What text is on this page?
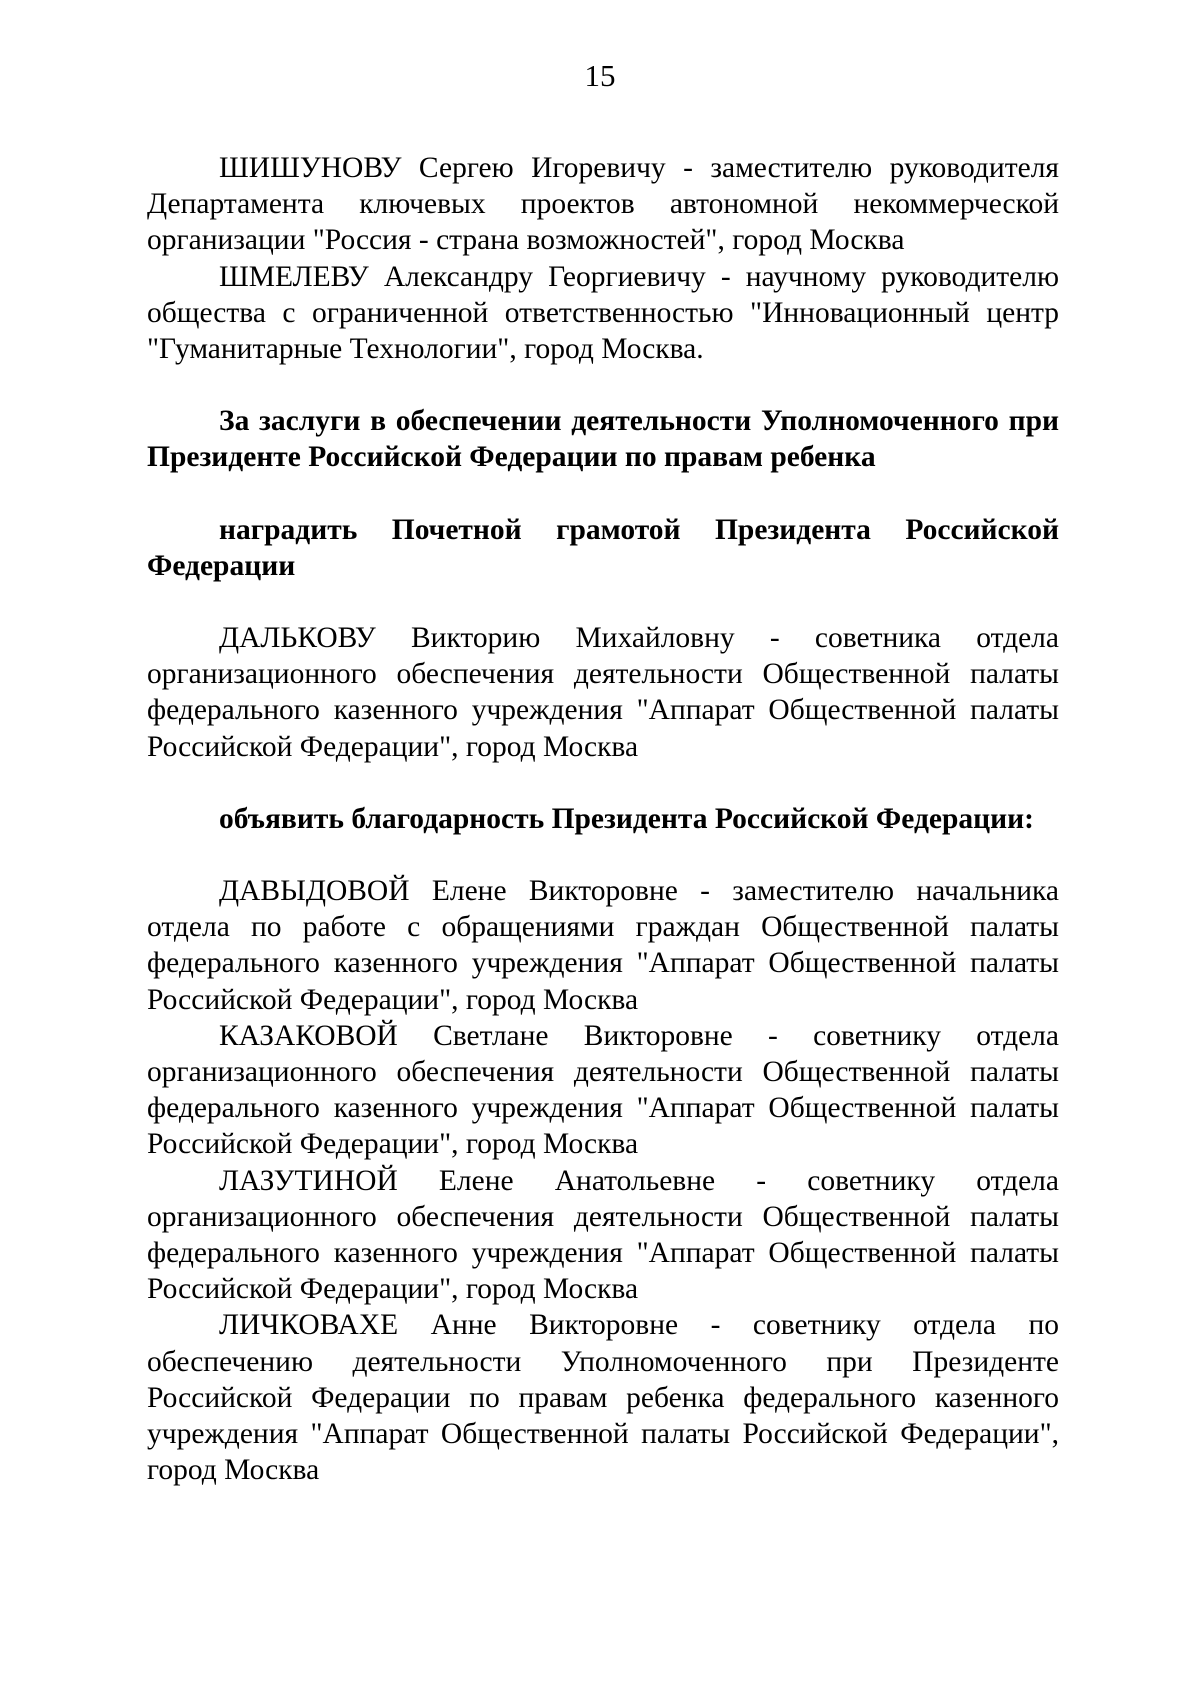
15

ШИШУНОВУ Сергею Игоревичу - заместителю руководителя Департамента ключевых проектов автономной некоммерческой организации "Россия - страна возможностей", город Москва

ШМЕЛЕВУ Александру Георгиевичу - научному руководителю общества с ограниченной ответственностью "Инновационный центр "Гуманитарные Технологии", город Москва.

За заслуги в обеспечении деятельности Уполномоченного при Президенте Российской Федерации по правам ребенка

наградить Почетной грамотой Президента Российской Федерации

ДАЛЬКОВУ Викторию Михайловну - советника отдела организационного обеспечения деятельности Общественной палаты федерального казенного учреждения "Аппарат Общественной палаты Российской Федерации", город Москва

объявить благодарность Президента Российской Федерации:

ДАВЫДОВОЙ Елене Викторовне - заместителю начальника отдела по работе с обращениями граждан Общественной палаты федерального казенного учреждения "Аппарат Общественной палаты Российской Федерации", город Москва

КАЗАКОВОЙ Светлане Викторовне - советнику отдела организационного обеспечения деятельности Общественной палаты федерального казенного учреждения "Аппарат Общественной палаты Российской Федерации", город Москва

ЛАЗУТИНОЙ Елене Анатольевне - советнику отдела организационного обеспечения деятельности Общественной палаты федерального казенного учреждения "Аппарат Общественной палаты Российской Федерации", город Москва

ЛИЧКОВАХЕ Анне Викторовне - советнику отдела по обеспечению деятельности Уполномоченного при Президенте Российской Федерации по правам ребенка федерального казенного учреждения "Аппарат Общественной палаты Российской Федерации", город Москва
